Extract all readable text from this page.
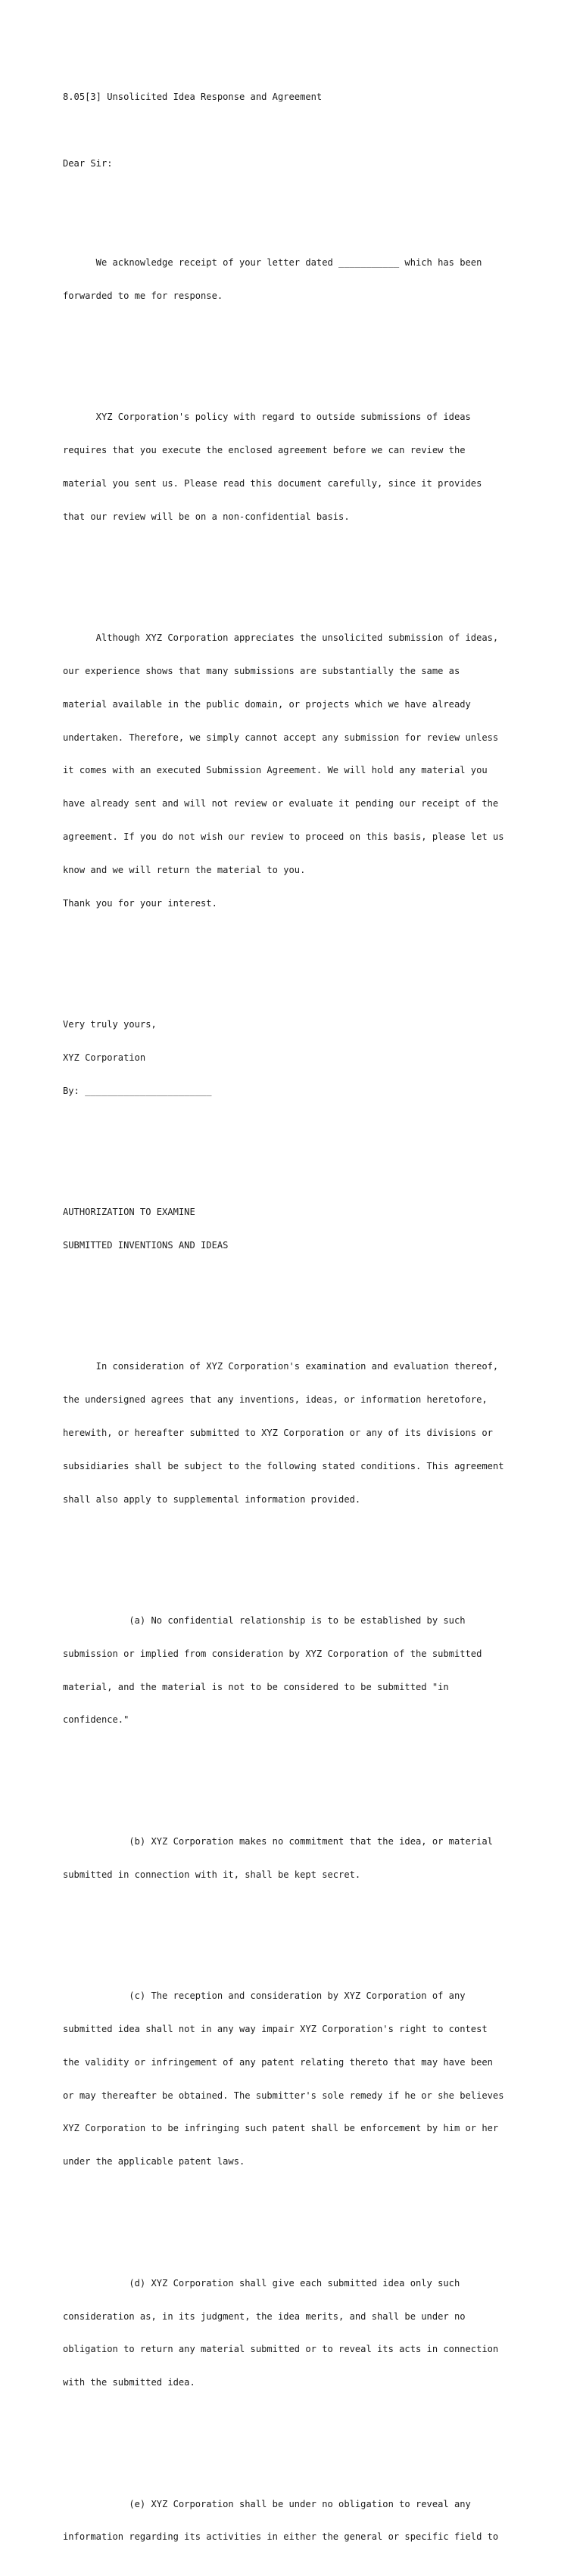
8.05[3] Unsolicited Idea Response and Agreement

Dear Sir:

We acknowledge receipt of your letter dated ___________ which has been

forwarded to me for response.

XYZ Corporation's policy with regard to outside submissions of ideas

requires that you execute the enclosed agreement before we can review the

material you sent us. Please read this document carefully, since it provides

that our review will be on a non-confidential basis.

Although XYZ Corporation appreciates the unsolicited submission of ideas,

our experience shows that many submissions are substantially the same as

material available in the public domain, or projects which we have already

undertaken. Therefore, we simply cannot accept any submission for review unless

it comes with an executed Submission Agreement. We will hold any material you

have already sent and will not review or evaluate it pending our receipt of the

agreement. If you do not wish our review to proceed on this basis, please let us

know and we will return the material to you.

Thank you for your interest.

Very truly yours,

XYZ Corporation

By: _______________________

AUTHORIZATION TO EXAMINE

SUBMITTED INVENTIONS AND IDEAS

In consideration of XYZ Corporation's examination and evaluation thereof,

the undersigned agrees that any inventions, ideas, or information heretofore,

herewith, or hereafter submitted to XYZ Corporation or any of its divisions or

subsidiaries shall be subject to the following stated conditions. This agreement

shall also apply to supplemental information provided.

(a) No confidential relationship is to be established by such

submission or implied from consideration by XYZ Corporation of the submitted

material, and the material is not to be considered to be submitted "in

confidence."

(b) XYZ Corporation makes no commitment that the idea, or material

submitted in connection with it, shall be kept secret.

(c) The reception and consideration by XYZ Corporation of any

submitted idea shall not in any way impair XYZ Corporation's right to contest

the validity or infringement of any patent relating thereto that may have been

or may thereafter be obtained. The submitter's sole remedy if he or she believes

XYZ Corporation to be infringing such patent shall be enforcement by him or her

under the applicable patent laws.

(d) XYZ Corporation shall give each submitted idea only such

consideration as, in its judgment, the idea merits, and shall be under no

obligation to return any material submitted or to reveal its acts in connection

with the submitted idea.

(e) XYZ Corporation shall be under no obligation to reveal any

information regarding its activities in either the general or specific field to
